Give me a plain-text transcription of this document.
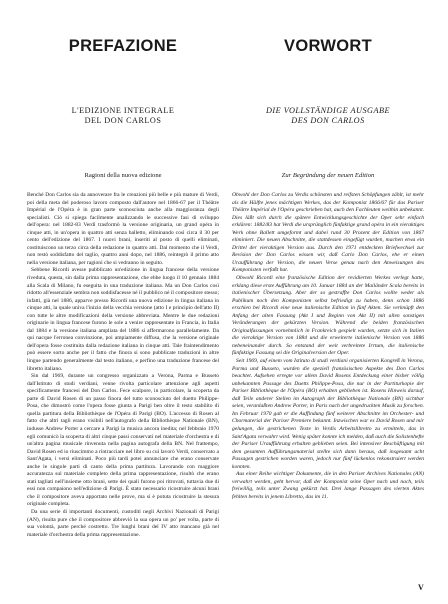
PREFAZIONE
L'EDIZIONE INTEGRALE
DEL DON CARLOS
Ragioni della nuova edizione

Benché Don Carlos sia da annoverare fra le creazioni più belle e più mature di Verdi, poi della meta del poderoso lavoro composto dall'autore nel 1866-67 per il Théâtre Impérial de l'Opéra è in gran parte sconosciuta anche alla maggioranza degli specialisti. Ciò si spiega facilmente analizzando le successive fasi di sviluppo dell'opera: nel 1882-83 Verdi trasformò la versione originaria, un grand opéra in cinque atti, in un'opera in quattro atti senza balletto, eliminando così circa il 30 per cento dell'edizione del 1867. I nuovi brani, inseriti al posto di quelli eliminati, costituiscono un terzo circa della redazione in quattro atti. Dal momento che il Verdi, non restò soddisfatto del taglio, quattro anni dopo, nel 1886, reintegrò il primo atto nella versione italiana, per ragioni che si vedranno in seguito.

Sebbene Ricordi avesse pubblicato un'edizione in lingua francese della versione riveduta, questa, sin dalla prima rappresentazione, che ebbe luogo il 10 gennaio 1884 alla Scala di Milano, fu eseguita in una traduzione italiana. Ma un Don Carlos così ridotto all'essenziale sembra non soddisfacesse né il pubblico né il compositore stesso; infatti, già nel 1886, apparve presso Ricordi una nuova edizione in lingua italiana in cinque atti, la quale univa l'inizio della vecchia versione (atto I e principio dell'atto II) con tutte le altre modificazioni della versione abbreviata. Mentre le due redazioni originarie in lingua francese furono le sole a venire rappresentate in Francia, in Italia dal 1884 e la versione italiana ampliata del 1886 si affermarono parallelamente. Da qui nacque l'erronea convinzione, poi ampiamente diffusa, che la versione originale dell'opera fosse costituita dalla redazione italiana in cinque atti. Tale fraintendimento può essere sorto anche per il fatto che finora si sono pubblicate traduzioni in altre lingue partendo generalmente dal testo italiano, e perfino una traduzione francese del libretto italiano.

Sin dal 1969, durante un congresso organizzato a Verona, Parma e Busseto dall'Istituto di studi verdiani, venne rivolta particolare attenzione agli aspetti specificamente francesi del Don Carlos. Fece scalpore, in particolare, la scoperta da parte di David Rosen di un passo finora del tutto sconosciuto del duetto Philippe-Posa, che dimostrò come l'opera fosse giunta a Parigi ben oltre il testo stabilito di quella partitura della Bibliothèque de l'Opéra di Parigi (BO). L'accesso di Rosen al fatto che altri tagli erano visibili nell'autografo della Bibliothèque Nationale (BN), indusse Andrew Porter a cercare a Parigi la musica ancora inedita; nel febbraio 1970 egli comunicò la scoperta di altri cinque passi conservati nel materiale d'orchestra e di un'altra pagina musicale rinvenuta nella pagina autografa della BN. Nel frattempo, David Rosen ed io riuscimmo a rintracciare nel libro su cui lavorò Verdi, conservato a Sant'Agata, i versi eliminati. Poco più tardi potei annunciare che erano conservate anche le singole parti di canto della prima partitura. Lavorando con maggiore accuratezza sul materiale completo della prima rappresentazione, risultò che erano stati tagliati nell'insieme otto brani, sette dei quali furono poi ritrovati, tuttavia due di essi non compaiono nell'edizione di Parigi. È stato necessario ricostruire alcuni brani che il compositore aveva apportato nelle prove, ma si è potuta ricostruire la stesura originale completa.

Da una serie di importanti documenti, custoditi negli Archivi Nazionali di Parigi (AN), risulta pure che il compositore abbreviò la sua opera un po' per volta, parte di sua volontà, parte perché costretto. Tre lunghi brani del IV atto mancano già nel materiale d'orchestra della prima rappresentazione.

VORWORT
DIE VOLLSTÄNDIGE AUSGABE
DES DON CARLOS
Zur Begründung der neuen Edition

Obwohl der Don Carlos zu Verdis schönsten und reifsten Schöpfungen zählt, ist mehr als die Hälfte jenes mächtigen Werkes, das der Komponist 1866/67 für das Pariser Théâtre Impérial de l'Opéra geschrieben hat, auch den Fachleuten weithin unbekannt. Dies läßt sich durch die spätere Entwicklungsgeschichte der Oper sehr einfach erklären: 1882/83 hat Verdi die ursprünglich fünfaktige grand opéra in ein vieraktiges Werk ohne Ballett umgeformt und dabei rund 30 Prozent der Edition von 1867 eliminiert. Die neuen Abschnitte, die stattdessen eingefügt wurden, machen etwa ein Drittel der vieraktigen Version aus. Durch den 1971 entdeckten Briefwechsel zur Revision der Don Carlos wissen wir, daß Carlo Don Carlos, ehe er einen Uraufführung der Version, die neuen Verse genau nach den Anweisungen des Komponisten verfaßt hat.

Obwohl Ricordi eine französische Edition der revidierten Werkes verlegt hatte, erklang diese erste Aufführung am 10. Januar 1884 an der Mailänder Scala bereits in italienischer Übersetzung. Aber der so gestraffte Don Carlos wollte weder als Publikum noch den Komponisten selbst befriedigt zu haben, denn schon 1886 erschien bei Ricordi eine neue italienische Edition in fünf Akten. Sie verknüpft den Anfang der alten Fassung (Akt I und Beginn von Akt II) mit allen sonstigen Veränderungen der gekürzten Version. Während die beiden französischen Originalfassungen vornehmlich in Frankreich gespielt wurden, setzte sich in Italien die vieraktige Version von 1884 und die erweiterte italienische Version von 1886 nebeneinander durch. So entstand der weit verbreitete Irrtum, die italienische fünfaktige Fassung sei die Originalversion der Oper.

Seit 1969, auf einem vom Istituto di studi verdiani organisierten Kongreß in Verona, Parma und Busseto, wurden die speziell französischen Aspekte des Don Carlos beachtet. Aufsehen erregte vor allem David Rosens Entdeckung einer bisher völlig unbekannten Passage des Duetts Philippe-Posa, die nur in der Partiturkopie der Pariser Bibliothèque de l'Opéra (BO) erhalten geblieben ist. Rosens Hinweis darauf, daß Teile anderer Stellen im Autograph der Bibliothèque Nationale (BN) sichtbar seien, veranlaßten Andrew Porter, in Paris nach der ungedruckten Musik zu forschen. Im Februar 1970 gab er die Auffindung fünf weiterer Abschnitte im Orchester- und Chormaterial der Pariser Premiere bekannt. Inzwischen war es David Rosen und mir gelungen, die gestrichenen Texte in Verdis Arbeitslibretto zu ermitteln, das in Sant'Agata verwahrt wird. Wenig später konnte ich melden, daß auch die Solistenhefte der Pariser Uraufführung erhalten geblieben seien. Bei intensiver Beschäftigung mit dem gesamten Aufführungsmaterial stellte sich dann heraus, daß insgesamt acht Passagen gestrichen worden waren, jedoch nur fünf lückenlos rekonstruiert werden konnten.

Aus einer Reihe wichtiger Dokumente, die in den Pariser Archives Nationales (AN) verwahrt werden, geht hervor, daß der Komponist seine Oper nach und nach, teils freiwillig, teils unter Zwang gekürzt hat. Drei lange Passagen des vierten Aktes fehlten bereits in jenem Libretto, das im 11.

V
